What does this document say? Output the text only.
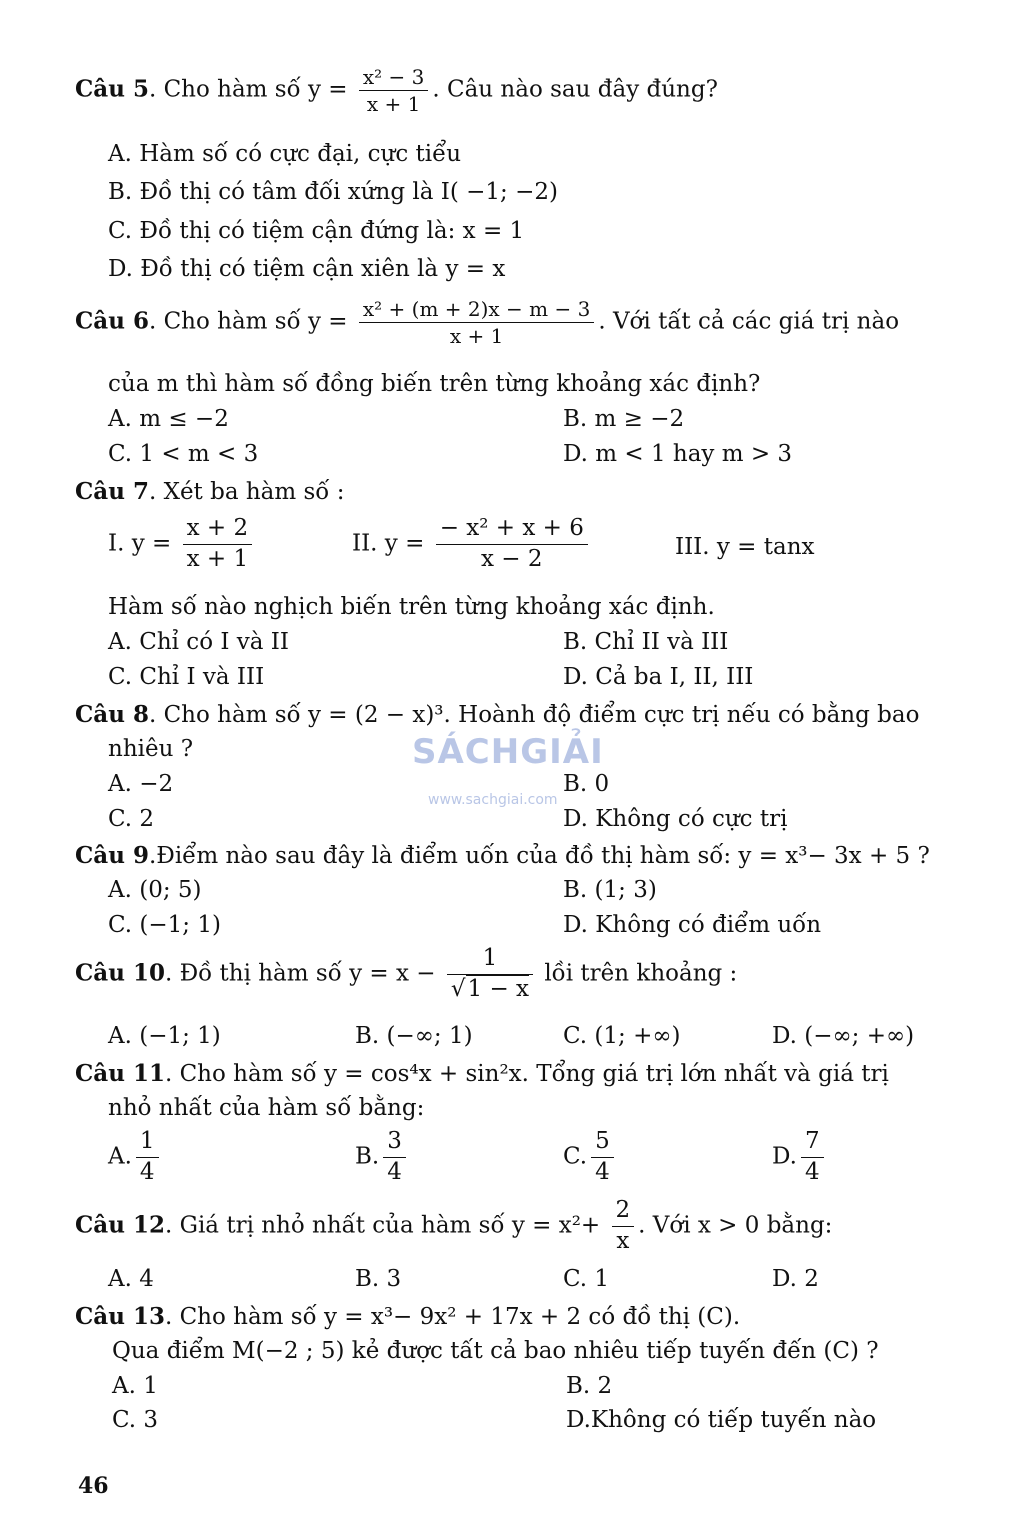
SÁCHGIẢI
www.sachgiai.com
Câu 5. Cho hàm số $y = \frac{\text{x² − 3}}{x + 1}$ . Câu nào sau đây đúng?
A. Hàm số có cực đại, cực tiểu
B. Đồ thị có tâm đối xứng là I( −1; −2)
C. Đồ thị có tiệm cận đứng là: x = 1
D. Đồ thị có tiệm cận xiên là y = x
Câu 6. Cho hàm số $y = \frac{\text{x² + (m + 2)x − m − 3}}{x + 1}$ . Với tất cả các giá trị nào
của m thì hàm số đồng biến trên từng khoảng xác định?
A. m ≤ −2	B. m ≥ −2
C. 1 < m < 3	D. m < 1 hay m > 3
Câu 7. Xét ba hàm số :
I. $y = \frac{x + 2}{x + 1}$	II. $y = \frac{\text{− x² + x + 6}}{x - 2}$	III. y = tanx
Hàm số nào nghịch biến trên từng khoảng xác định.
A. Chỉ có I và II	B. Chỉ II và III
C. Chỉ I và III	D. Cả ba I, II, III
Câu 8. Cho hàm số y = (2 − x)³. Hoành độ điểm cực trị nếu có bằng bao
nhiêu ?
A. −2	B. 0
C. 2	D. Không có cực trị
Câu 9.Điểm nào sau đây là điểm uốn của đồ thị hàm số: y = x³− 3x + 5 ?
A. (0; 5)	B. (1; 3)
C. (−1; 1)	D. Không có điểm uốn
Câu 10. Đồ thị hàm số $y = x - \frac{1}{√1 - x}$ lồi trên khoảng :
A. (−1; 1)	B. (−∞; 1)	C. (1; +∞)	D. (−∞; +∞)
Câu 11. Cho hàm số y = cos⁴x + sin²x. Tổng giá trị lớn nhất và giá trị
nhỏ nhất của hàm số bằng:
A. $\frac{1}{4}$	B. $\frac{3}{4}$	C. $\frac{5}{4}$	D. $\frac{7}{4}$
Câu 12. Giá trị nhỏ nhất của hàm số $y = x^2+ \frac{2}{x}$ . Với x > 0 bằng:
A. 4	B. 3	C. 1	D. 2
Câu 13. Cho hàm số y = x³− 9x² + 17x + 2 có đồ thị (C).
Qua điểm M(−2 ; 5) kẻ được tất cả bao nhiêu tiếp tuyến đến (C) ?
A. 1	B. 2
C. 3	D.Không có tiếp tuyến nào
46
